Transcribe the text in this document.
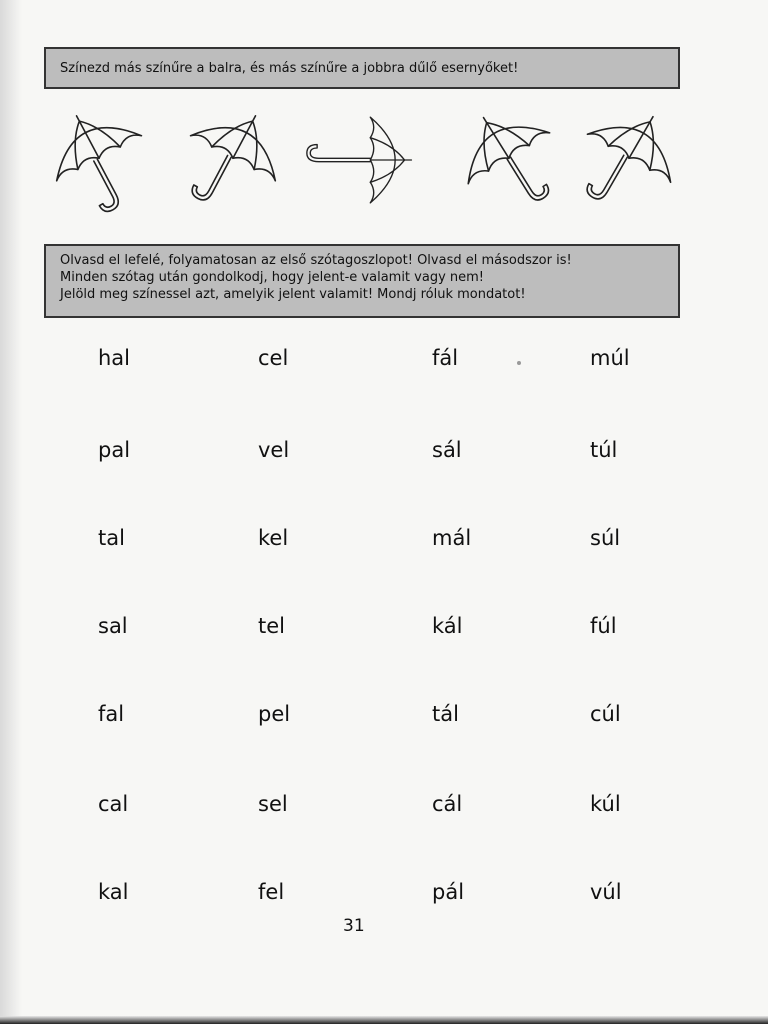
Színezd más színűre a balra, és más színűre a jobbra dűlő esernyőket!
Olvasd el lefelé, folyamatosan az első szótagoszlopot! Olvasd el másodszor is!
Minden szótag után gondolkodj, hogy jelent-e valamit vagy nem!
Jelöld meg színessel azt, amelyik jelent valamit! Mondj róluk mondatot!
hal
pal
tal
sal
fal
cal
kal
cel
vel
kel
tel
pel
sel
fel
fál
sál
mál
kál
tál
cál
pál
múl
túl
súl
fúl
cúl
kúl
vúl
31
